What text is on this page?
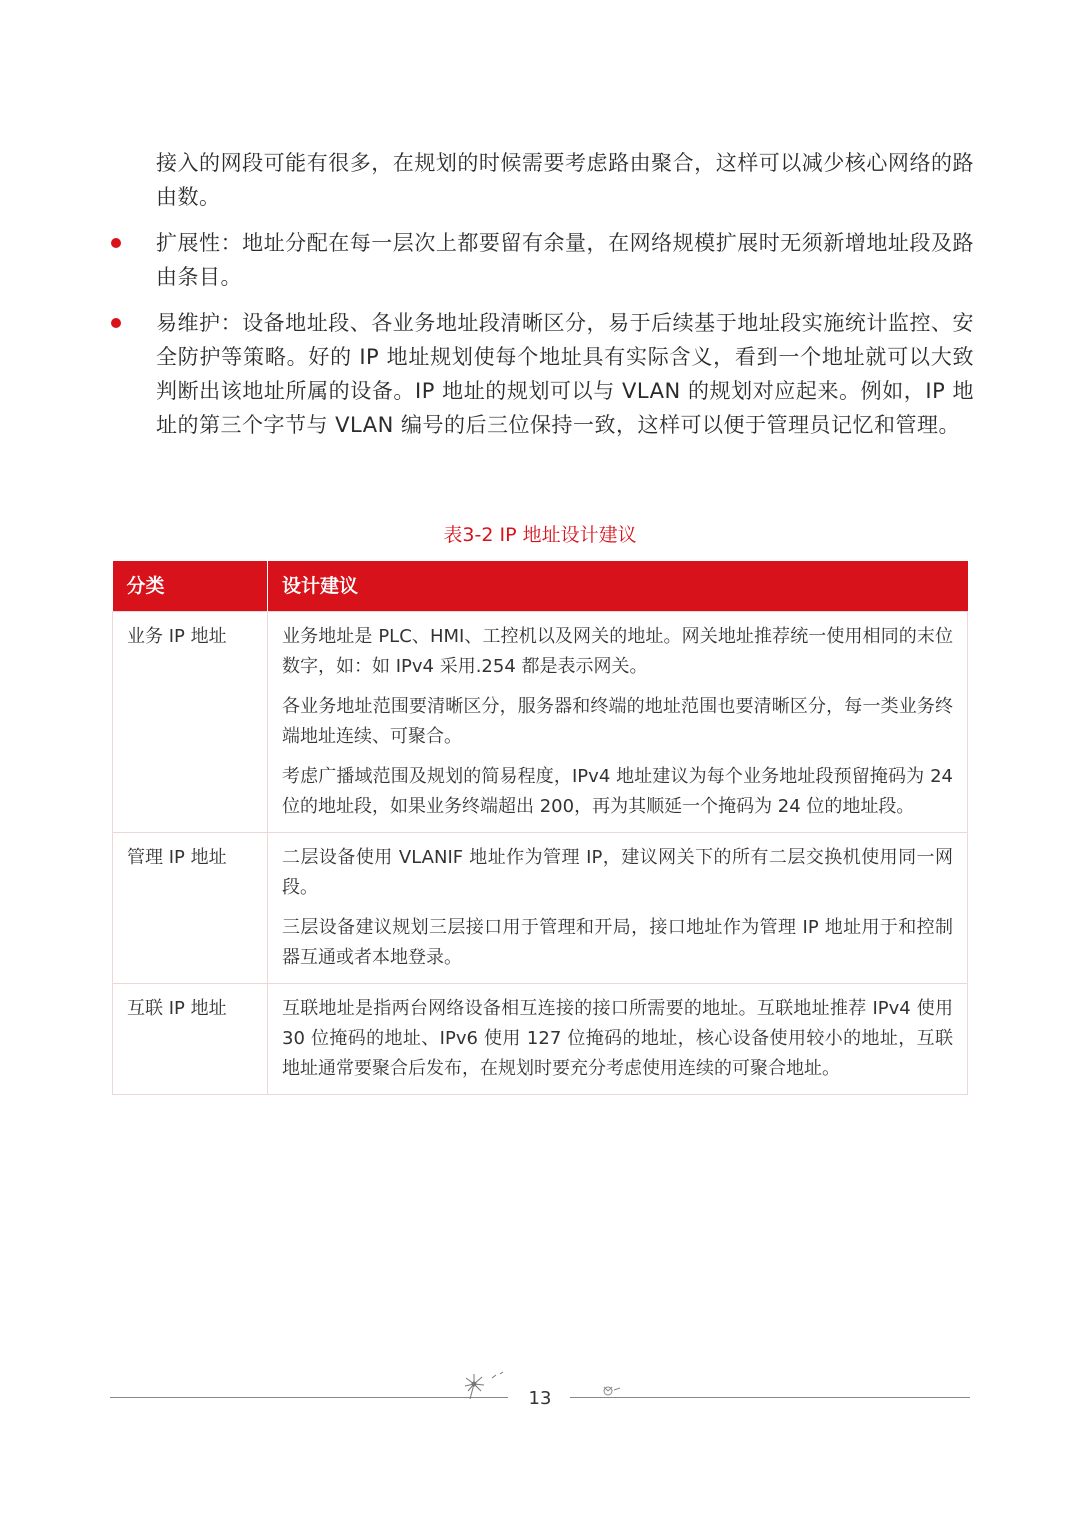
接入的网段可能有很多，在规划的时候需要考虑路由聚合，这样可以减少核心网络的路由数。
扩展性：地址分配在每一层次上都要留有余量，在网络规模扩展时无须新增地址段及路由条目。
易维护：设备地址段、各业务地址段清晰区分，易于后续基于地址段实施统计监控、安全防护等策略。好的 IP 地址规划使每个地址具有实际含义，看到一个地址就可以大致判断出该地址所属的设备。IP 地址的规划可以与 VLAN 的规划对应起来。例如，IP 地址的第三个字节与 VLAN 编号的后三位保持一致，这样可以便于管理员记忆和管理。
表3-2 IP 地址设计建议
分类	设计建议
业务 IP 地址	业务地址是 PLC、HMI、工控机以及网关的地址。网关地址推荐统一使用相同的末位数字，如：如 IPv4 采用.254 都是表示网关。
各业务地址范围要清晰区分，服务器和终端的地址范围也要清晰区分，每一类业务终端地址连续、可聚合。
考虑广播域范围及规划的简易程度，IPv4 地址建议为每个业务地址段预留掩码为 24 位的地址段，如果业务终端超出 200，再为其顺延一个掩码为 24 位的地址段。

管理 IP 地址	二层设备使用 VLANIF 地址作为管理 IP，建议网关下的所有二层交换机使用同一网段。
三层设备建议规划三层接口用于管理和开局，接口地址作为管理 IP 地址用于和控制器互通或者本地登录。

互联 IP 地址	互联地址是指两台网络设备相互连接的接口所需要的地址。互联地址推荐 IPv4 使用 30 位掩码的地址、IPv6 使用 127 位掩码的地址，核心设备使用较小的地址，互联地址通常要聚合后发布，在规划时要充分考虑使用连续的可聚合地址。
13
